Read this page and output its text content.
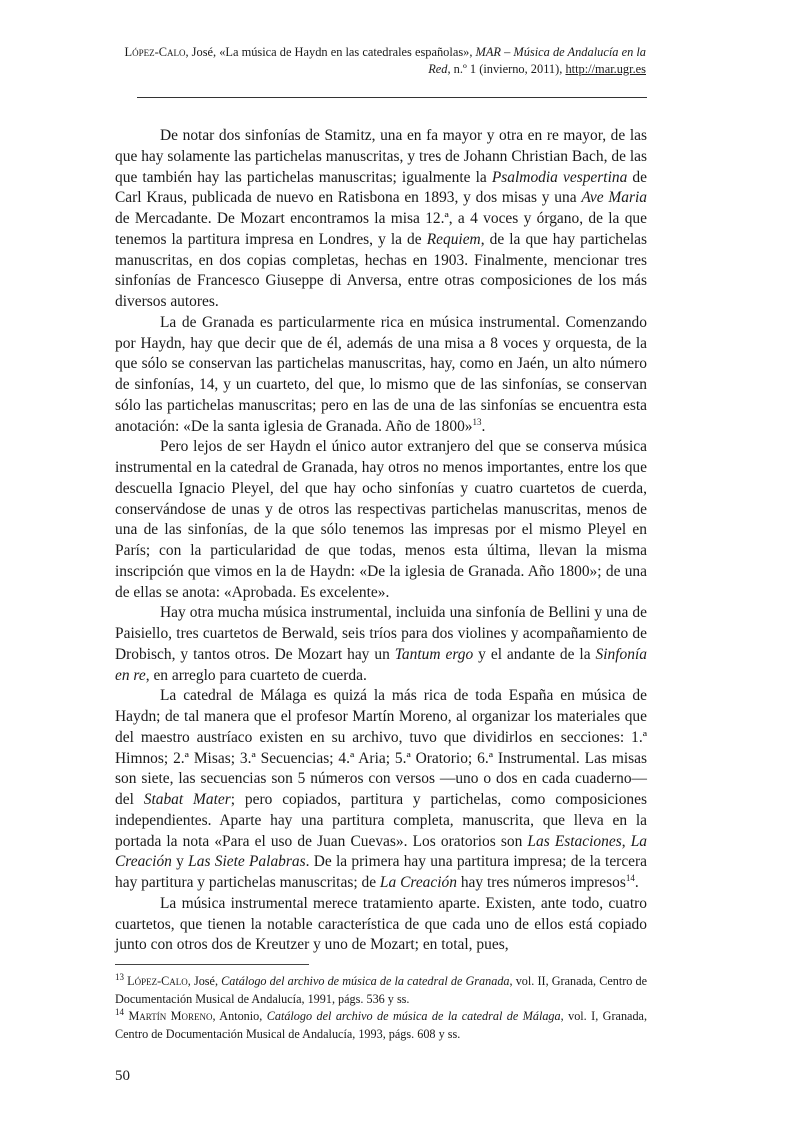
López-Calo, José, «La música de Haydn en las catedrales españolas», MAR – Música de Andalucía en la Red, n.º 1 (invierno, 2011), http://mar.ugr.es

De notar dos sinfonías de Stamitz, una en fa mayor y otra en re mayor, de las que hay solamente las partichelas manuscritas, y tres de Johann Christian Bach, de las que también hay las partichelas manuscritas; igualmente la Psalmodia vespertina de Carl Kraus, publicada de nuevo en Ratisbona en 1893, y dos misas y una Ave Maria de Mercadante. De Mozart encontramos la misa 12.ª, a 4 voces y órgano, de la que tenemos la partitura impresa en Londres, y la de Requiem, de la que hay partichelas manuscritas, en dos copias completas, hechas en 1903. Finalmente, mencionar tres sinfonías de Francesco Giuseppe di Anversa, entre otras composiciones de los más diversos autores.

La de Granada es particularmente rica en música instrumental. Comenzando por Haydn, hay que decir que de él, además de una misa a 8 voces y orquesta, de la que sólo se conservan las partichelas manuscritas, hay, como en Jaén, un alto número de sinfonías, 14, y un cuarteto, del que, lo mismo que de las sinfonías, se conservan sólo las partichelas manuscritas; pero en las de una de las sinfonías se encuentra esta anotación: «De la santa iglesia de Granada. Año de 1800»$^{13}$.

Pero lejos de ser Haydn el único autor extranjero del que se conserva música instrumental en la catedral de Granada, hay otros no menos importantes, entre los que descuella Ignacio Pleyel, del que hay ocho sinfonías y cuatro cuartetos de cuerda, conservándose de unas y de otros las respectivas partichelas manuscritas, menos de una de las sinfonías, de la que sólo tenemos las impresas por el mismo Pleyel en París; con la particularidad de que todas, menos esta última, llevan la misma inscripción que vimos en la de Haydn: «De la iglesia de Granada. Año 1800»; de una de ellas se anota: «Aprobada. Es excelente».

Hay otra mucha música instrumental, incluida una sinfonía de Bellini y una de Paisiello, tres cuartetos de Berwald, seis tríos para dos violines y acompañamiento de Drobisch, y tantos otros. De Mozart hay un Tantum ergo y el andante de la Sinfonía en re, en arreglo para cuarteto de cuerda.

La catedral de Málaga es quizá la más rica de toda España en música de Haydn; de tal manera que el profesor Martín Moreno, al organizar los materiales que del maestro austríaco existen en su archivo, tuvo que dividirlos en secciones: 1.ª Himnos; 2.ª Misas; 3.ª Secuencias; 4.ª Aria; 5.ª Oratorio; 6.ª Instrumental. Las misas son siete, las secuencias son 5 números con versos —uno o dos en cada cuaderno— del Stabat Mater; pero copiados, partitura y partichelas, como composiciones independientes. Aparte hay una partitura completa, manuscrita, que lleva en la portada la nota «Para el uso de Juan Cuevas». Los oratorios son Las Estaciones, La Creación y Las Siete Palabras. De la primera hay una partitura impresa; de la tercera hay partitura y partichelas manuscritas; de La Creación hay tres números impresos$^{14}$.

La música instrumental merece tratamiento aparte. Existen, ante todo, cuatro cuartetos, que tienen la notable característica de que cada uno de ellos está copiado junto con otros dos de Kreutzer y uno de Mozart; en total, pues,

$^{13}$ López-Calo, José, Catálogo del archivo de música de la catedral de Granada, vol. II, Granada, Centro de Documentación Musical de Andalucía, 1991, págs. 536 y ss.

$^{14}$ Martín Moreno, Antonio, Catálogo del archivo de música de la catedral de Málaga, vol. I, Granada, Centro de Documentación Musical de Andalucía, 1993, págs. 608 y ss.

50
